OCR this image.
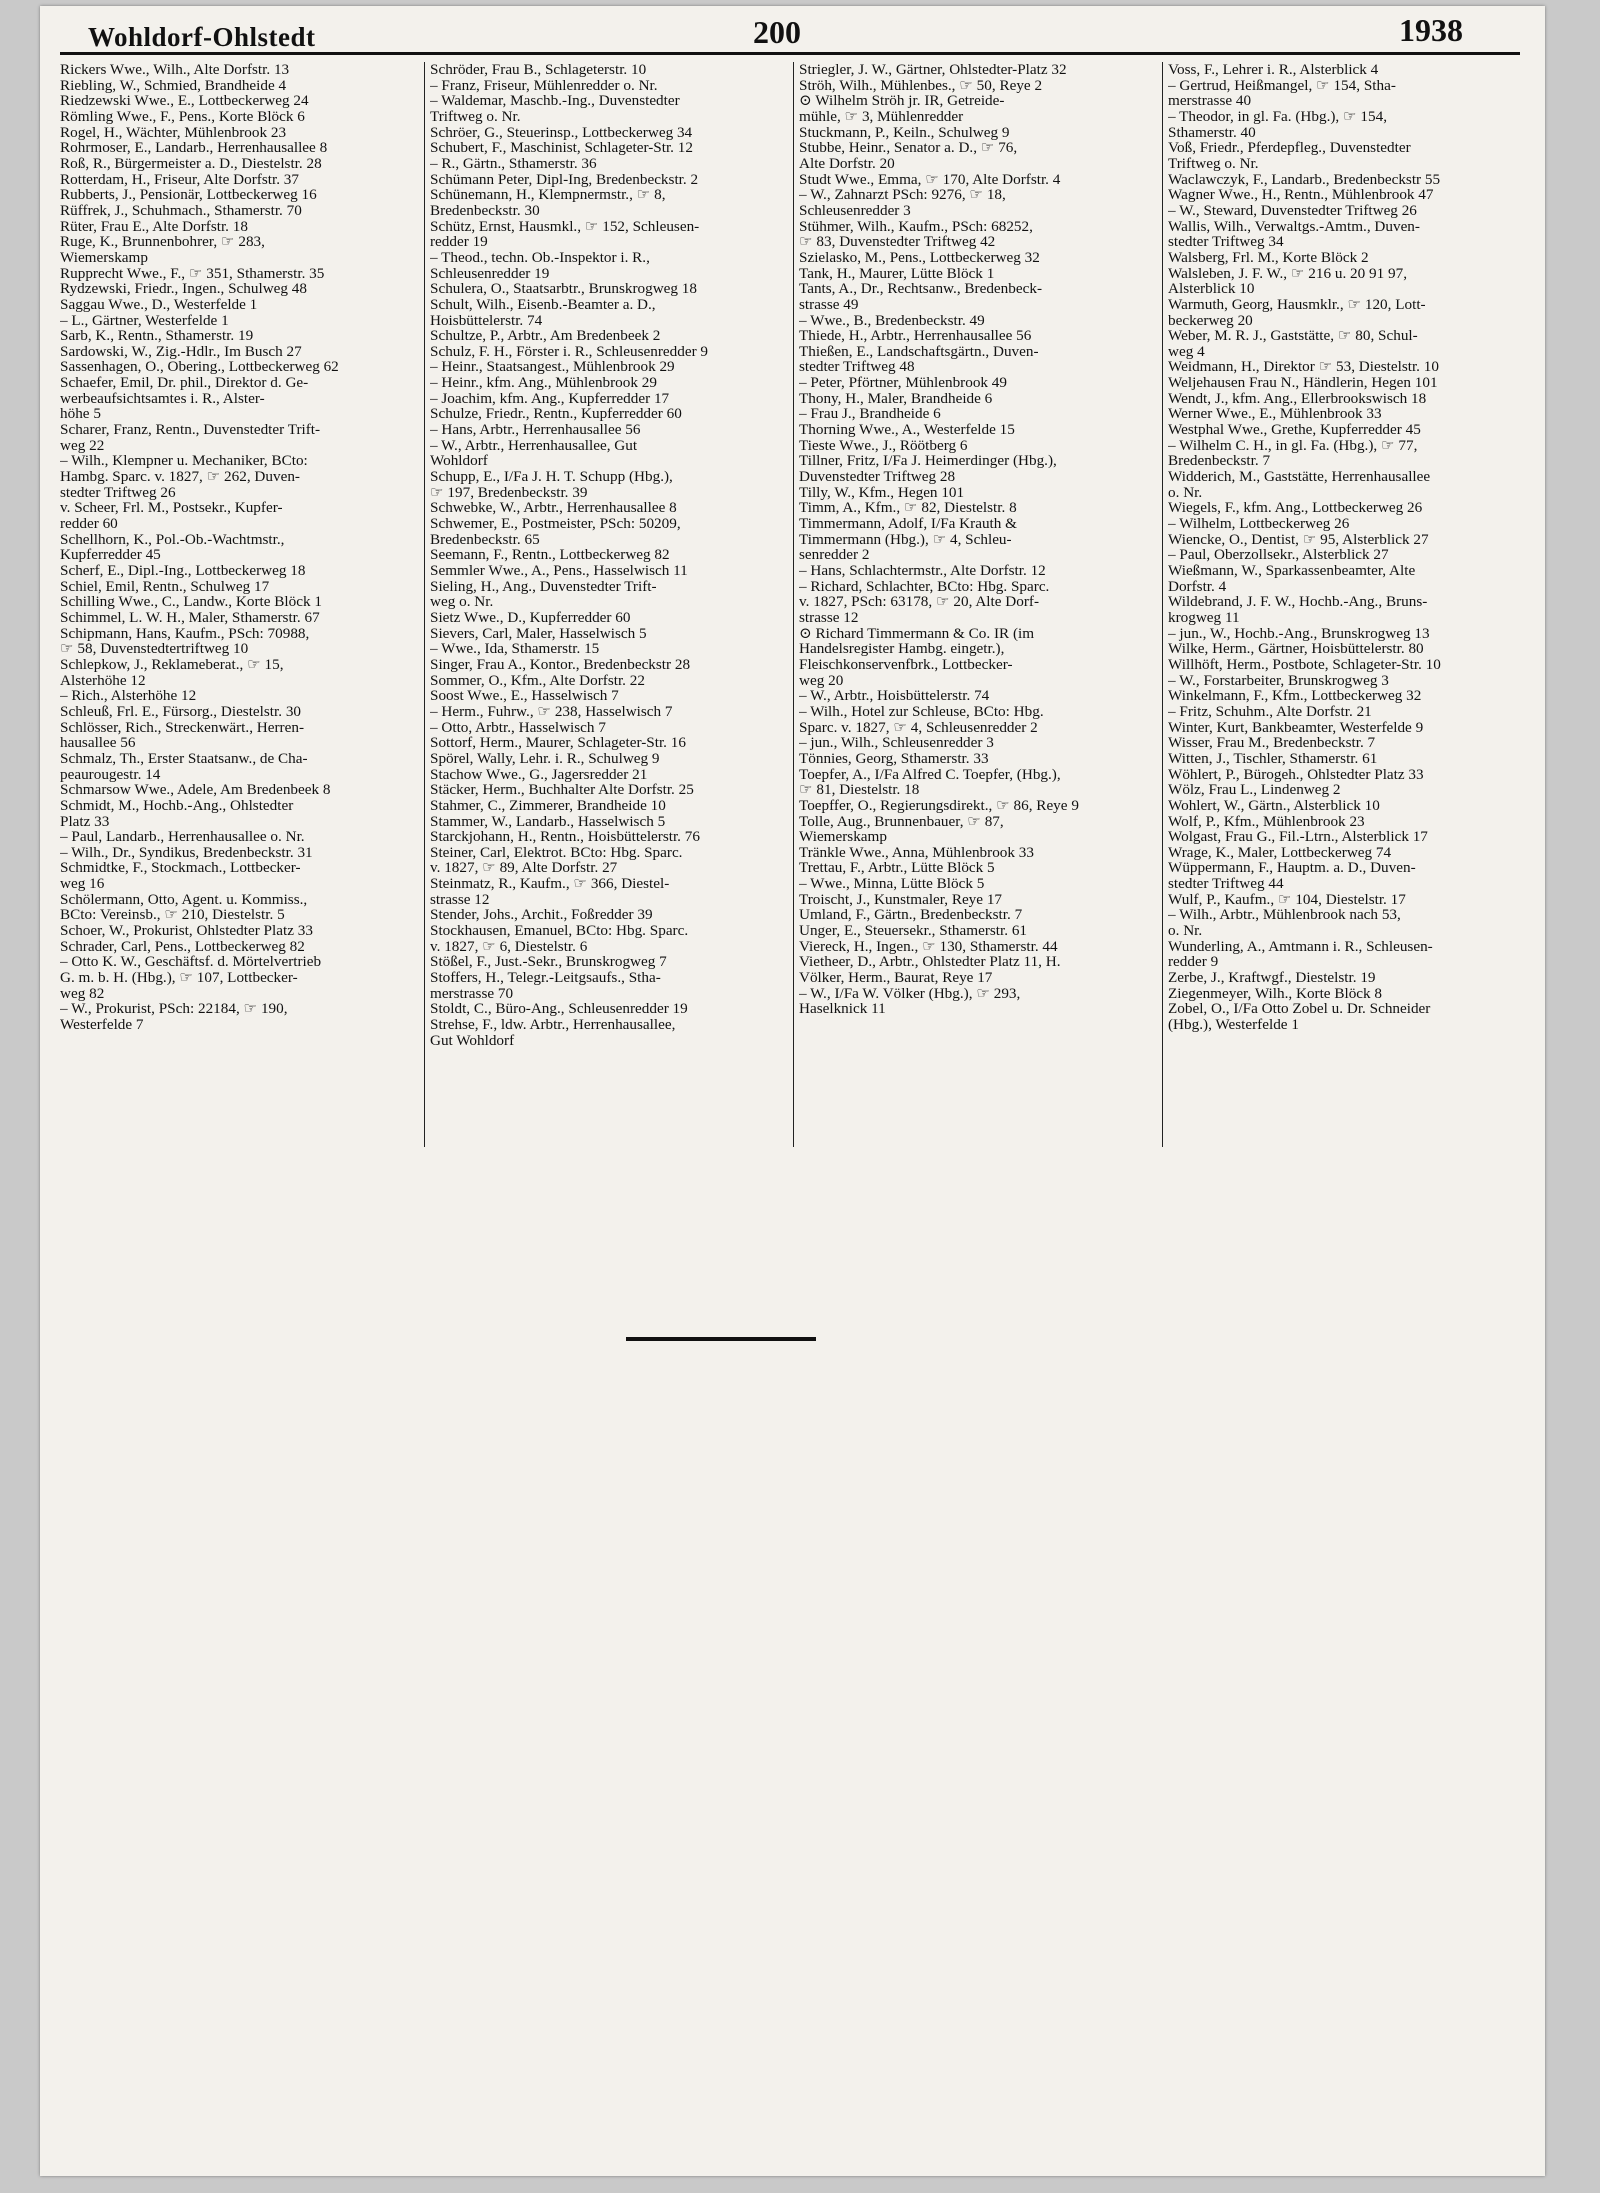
Wohldorf-Ohlstedt	200	1938
Rickers Wwe., Wilh., Alte Dorfstr. 13
Riebling, W., Schmied, Brandheide 4
Riedzewski Wwe., E., Lottbeckerweg 24
Römling Wwe., F., Pens., Korte Blöck 6
Rogel, H., Wächter, Mühlenbrook 23
Rohrmoser, E., Landarb., Herrenhausallee 8
Roß, R., Bürgermeister a. D., Diestelstr. 28
Rotterdam, H., Friseur, Alte Dorfstr. 37
Rubberts, J., Pensionär, Lottbeckerweg 16
Rüffrek, J., Schuhmach., Sthamerstr. 70
Rüter, Frau E., Alte Dorfstr. 18
Ruge, K., Brunnenbohrer, ☞ 283,
Wiemerskamp
Rupprecht Wwe., F., ☞ 351, Sthamerstr. 35
Rydzewski, Friedr., Ingen., Schulweg 48
Saggau Wwe., D., Westerfelde 1
– L., Gärtner, Westerfelde 1
Sarb, K., Rentn., Sthamerstr. 19
Sardowski, W., Zig.-Hdlr., Im Busch 27
Sassenhagen, O., Obering., Lottbeckerweg 62
Schaefer, Emil, Dr. phil., Direktor d. Ge-
werbeaufsichtsamtes i. R., Alster-
höhe 5
Scharer, Franz, Rentn., Duvenstedter Trift-
weg 22
– Wilh., Klempner u. Mechaniker, BCto:
Hambg. Sparc. v. 1827, ☞ 262, Duven-
stedter Triftweg 26
v. Scheer, Frl. M., Postsekr., Kupfer-
redder 60
Schellhorn, K., Pol.-Ob.-Wachtmstr.,
Kupferredder 45
Scherf, E., Dipl.-Ing., Lottbeckerweg 18
Schiel, Emil, Rentn., Schulweg 17
Schilling Wwe., C., Landw., Korte Blöck 1
Schimmel, L. W. H., Maler, Sthamerstr. 67
Schipmann, Hans, Kaufm., PSch: 70988,
☞ 58, Duvenstedtertriftweg 10
Schlepkow, J., Reklameberat., ☞ 15,
Alsterhöhe 12
– Rich., Alsterhöhe 12
Schleuß, Frl. E., Fürsorg., Diestelstr. 30
Schlösser, Rich., Streckenwärt., Herren-
hausallee 56
Schmalz, Th., Erster Staatsanw., de Cha-
peaurougestr. 14
Schmarsow Wwe., Adele, Am Bredenbeek 8
Schmidt, M., Hochb.-Ang., Ohlstedter
Platz 33
– Paul, Landarb., Herrenhausallee o. Nr.
– Wilh., Dr., Syndikus, Bredenbeckstr. 31
Schmidtke, F., Stockmach., Lottbecker-
weg 16
Schölermann, Otto, Agent. u. Kommiss.,
BCto: Vereinsb., ☞ 210, Diestelstr. 5
Schoer, W., Prokurist, Ohlstedter Platz 33
Schrader, Carl, Pens., Lottbeckerweg 82
– Otto K. W., Geschäftsf. d. Mörtelvertrieb
G. m. b. H. (Hbg.), ☞ 107, Lottbecker-
weg 82
– W., Prokurist, PSch: 22184, ☞ 190,
Westerfelde 7
Schröder, Frau B., Schlageterstr. 10
– Franz, Friseur, Mühlenredder o. Nr.
– Waldemar, Maschb.-Ing., Duvenstedter
Triftweg o. Nr.
Schröer, G., Steuerinsp., Lottbeckerweg 34
Schubert, F., Maschinist, Schlageter-Str. 12
– R., Gärtn., Sthamerstr. 36
Schümann Peter, Dipl-Ing, Bredenbeckstr. 2
Schünemann, H., Klempnermstr., ☞ 8,
Bredenbeckstr. 30
Schütz, Ernst, Hausmkl., ☞ 152, Schleusen-
redder 19
– Theod., techn. Ob.-Inspektor i. R.,
Schleusenredder 19
Schulera, O., Staatsarbtr., Brunskrogweg 18
Schult, Wilh., Eisenb.-Beamter a. D.,
Hoisbüttelerstr. 74
Schultze, P., Arbtr., Am Bredenbeek 2
Schulz, F. H., Förster i. R., Schleusenredder 9
– Heinr., Staatsangest., Mühlenbrook 29
– Heinr., kfm. Ang., Mühlenbrook 29
– Joachim, kfm. Ang., Kupferredder 17
Schulze, Friedr., Rentn., Kupferredder 60
– Hans, Arbtr., Herrenhausallee 56
– W., Arbtr., Herrenhausallee, Gut
Wohldorf
Schupp, E., I/Fa J. H. T. Schupp (Hbg.),
☞ 197, Bredenbeckstr. 39
Schwebke, W., Arbtr., Herrenhausallee 8
Schwemer, E., Postmeister, PSch: 50209,
Bredenbeckstr. 65
Seemann, F., Rentn., Lottbeckerweg 82
Semmler Wwe., A., Pens., Hasselwisch 11
Sieling, H., Ang., Duvenstedter Trift-
weg o. Nr.
Sietz Wwe., D., Kupferredder 60
Sievers, Carl, Maler, Hasselwisch 5
– Wwe., Ida, Sthamerstr. 15
Singer, Frau A., Kontor., Bredenbeckstr 28
Sommer, O., Kfm., Alte Dorfstr. 22
Soost Wwe., E., Hasselwisch 7
– Herm., Fuhrw., ☞ 238, Hasselwisch 7
– Otto, Arbtr., Hasselwisch 7
Sottorf, Herm., Maurer, Schlageter-Str. 16
Spörel, Wally, Lehr. i. R., Schulweg 9
Stachow Wwe., G., Jagersredder 21
Stäcker, Herm., Buchhalter Alte Dorfstr. 25
Stahmer, C., Zimmerer, Brandheide 10
Stammer, W., Landarb., Hasselwisch 5
Starckjohann, H., Rentn., Hoisbüttelerstr. 76
Steiner, Carl, Elektrot. BCto: Hbg. Sparc.
v. 1827, ☞ 89, Alte Dorfstr. 27
Steinmatz, R., Kaufm., ☞ 366, Diestel-
strasse 12
Stender, Johs., Archit., Foßredder 39
Stockhausen, Emanuel, BCto: Hbg. Sparc.
v. 1827, ☞ 6, Diestelstr. 6
Stößel, F., Just.-Sekr., Brunskrogweg 7
Stoffers, H., Telegr.-Leitgsaufs., Stha-
merstrasse 70
Stoldt, C., Büro-Ang., Schleusenredder 19
Strehse, F., ldw. Arbtr., Herrenhausallee,
Gut Wohldorf
Striegler, J. W., Gärtner, Ohlstedter-Platz 32
Ströh, Wilh., Mühlenbes., ☞ 50, Reye 2
⊙ Wilhelm Ströh jr. IR, Getreide-
mühle, ☞ 3, Mühlenredder
Stuckmann, P., Keiln., Schulweg 9
Stubbe, Heinr., Senator a. D., ☞ 76,
Alte Dorfstr. 20
Studt Wwe., Emma, ☞ 170, Alte Dorfstr. 4
– W., Zahnarzt PSch: 9276, ☞ 18,
Schleusenredder 3
Stühmer, Wilh., Kaufm., PSch: 68252,
☞ 83, Duvenstedter Triftweg 42
Szielasko, M., Pens., Lottbeckerweg 32
Tank, H., Maurer, Lütte Blöck 1
Tants, A., Dr., Rechtsanw., Bredenbeck-
strasse 49
– Wwe., B., Bredenbeckstr. 49
Thiede, H., Arbtr., Herrenhausallee 56
Thießen, E., Landschaftsgärtn., Duven-
stedter Triftweg 48
– Peter, Pförtner, Mühlenbrook 49
Thony, H., Maler, Brandheide 6
– Frau J., Brandheide 6
Thorning Wwe., A., Westerfelde 15
Tieste Wwe., J., Röötberg 6
Tillner, Fritz, I/Fa J. Heimerdinger (Hbg.),
Duvenstedter Triftweg 28
Tilly, W., Kfm., Hegen 101
Timm, A., Kfm., ☞ 82, Diestelstr. 8
Timmermann, Adolf, I/Fa Krauth &
Timmermann (Hbg.), ☞ 4, Schleu-
senredder 2
– Hans, Schlachtermstr., Alte Dorfstr. 12
– Richard, Schlachter, BCto: Hbg. Sparc.
v. 1827, PSch: 63178, ☞ 20, Alte Dorf-
strasse 12
⊙ Richard Timmermann & Co. IR (im
Handelsregister Hambg. eingetr.),
Fleischkonservenfbrk., Lottbecker-
weg 20
– W., Arbtr., Hoisbüttelerstr. 74
– Wilh., Hotel zur Schleuse, BCto: Hbg.
Sparc. v. 1827, ☞ 4, Schleusenredder 2
– jun., Wilh., Schleusenredder 3
Tönnies, Georg, Sthamerstr. 33
Toepfer, A., I/Fa Alfred C. Toepfer, (Hbg.),
☞ 81, Diestelstr. 18
Toepffer, O., Regierungsdirekt., ☞ 86, Reye 9
Tolle, Aug., Brunnenbauer, ☞ 87,
Wiemerskamp
Tränkle Wwe., Anna, Mühlenbrook 33
Trettau, F., Arbtr., Lütte Blöck 5
– Wwe., Minna, Lütte Blöck 5
Troischt, J., Kunstmaler, Reye 17
Umland, F., Gärtn., Bredenbeckstr. 7
Unger, E., Steuersekr., Sthamerstr. 61
Viereck, H., Ingen., ☞ 130, Sthamerstr. 44
Vietheer, D., Arbtr., Ohlstedter Platz 11, H.
Völker, Herm., Baurat, Reye 17
– W., I/Fa W. Völker (Hbg.), ☞ 293,
Haselknick 11
Voss, F., Lehrer i. R., Alsterblick 4
– Gertrud, Heißmangel, ☞ 154, Stha-
merstrasse 40
– Theodor, in gl. Fa. (Hbg.), ☞ 154,
Sthamerstr. 40
Voß, Friedr., Pferdepfleg., Duvenstedter
Triftweg o. Nr.
Waclawczyk, F., Landarb., Bredenbeckstr 55
Wagner Wwe., H., Rentn., Mühlenbrook 47
– W., Steward, Duvenstedter Triftweg 26
Wallis, Wilh., Verwaltgs.-Amtm., Duven-
stedter Triftweg 34
Walsberg, Frl. M., Korte Blöck 2
Walsleben, J. F. W., ☞ 216 u. 20 91 97,
Alsterblick 10
Warmuth, Georg, Hausmklr., ☞ 120, Lott-
beckerweg 20
Weber, M. R. J., Gaststätte, ☞ 80, Schul-
weg 4
Weidmann, H., Direktor ☞ 53, Diestelstr. 10
Weljehausen Frau N., Händlerin, Hegen 101
Wendt, J., kfm. Ang., Ellerbrookswisch 18
Werner Wwe., E., Mühlenbrook 33
Westphal Wwe., Grethe, Kupferredder 45
– Wilhelm C. H., in gl. Fa. (Hbg.), ☞ 77,
Bredenbeckstr. 7
Widderich, M., Gaststätte, Herrenhausallee
o. Nr.
Wiegels, F., kfm. Ang., Lottbeckerweg 26
– Wilhelm, Lottbeckerweg 26
Wiencke, O., Dentist, ☞ 95, Alsterblick 27
– Paul, Oberzollsekr., Alsterblick 27
Wießmann, W., Sparkassenbeamter, Alte
Dorfstr. 4
Wildebrand, J. F. W., Hochb.-Ang., Bruns-
krogweg 11
– jun., W., Hochb.-Ang., Brunskrogweg 13
Wilke, Herm., Gärtner, Hoisbüttelerstr. 80
Willhöft, Herm., Postbote, Schlageter-Str. 10
– W., Forstarbeiter, Brunskrogweg 3
Winkelmann, F., Kfm., Lottbeckerweg 32
– Fritz, Schuhm., Alte Dorfstr. 21
Winter, Kurt, Bankbeamter, Westerfelde 9
Wisser, Frau M., Bredenbeckstr. 7
Witten, J., Tischler, Sthamerstr. 61
Wöhlert, P., Bürogeh., Ohlstedter Platz 33
Wölz, Frau L., Lindenweg 2
Wohlert, W., Gärtn., Alsterblick 10
Wolf, P., Kfm., Mühlenbrook 23
Wolgast, Frau G., Fil.-Ltrn., Alsterblick 17
Wrage, K., Maler, Lottbeckerweg 74
Wüppermann, F., Hauptm. a. D., Duven-
stedter Triftweg 44
Wulf, P., Kaufm., ☞ 104, Diestelstr. 17
– Wilh., Arbtr., Mühlenbrook nach 53,
o. Nr.
Wunderling, A., Amtmann i. R., Schleusen-
redder 9
Zerbe, J., Kraftwgf., Diestelstr. 19
Ziegenmeyer, Wilh., Korte Blöck 8
Zobel, O., I/Fa Otto Zobel u. Dr. Schneider
(Hbg.), Westerfelde 1
